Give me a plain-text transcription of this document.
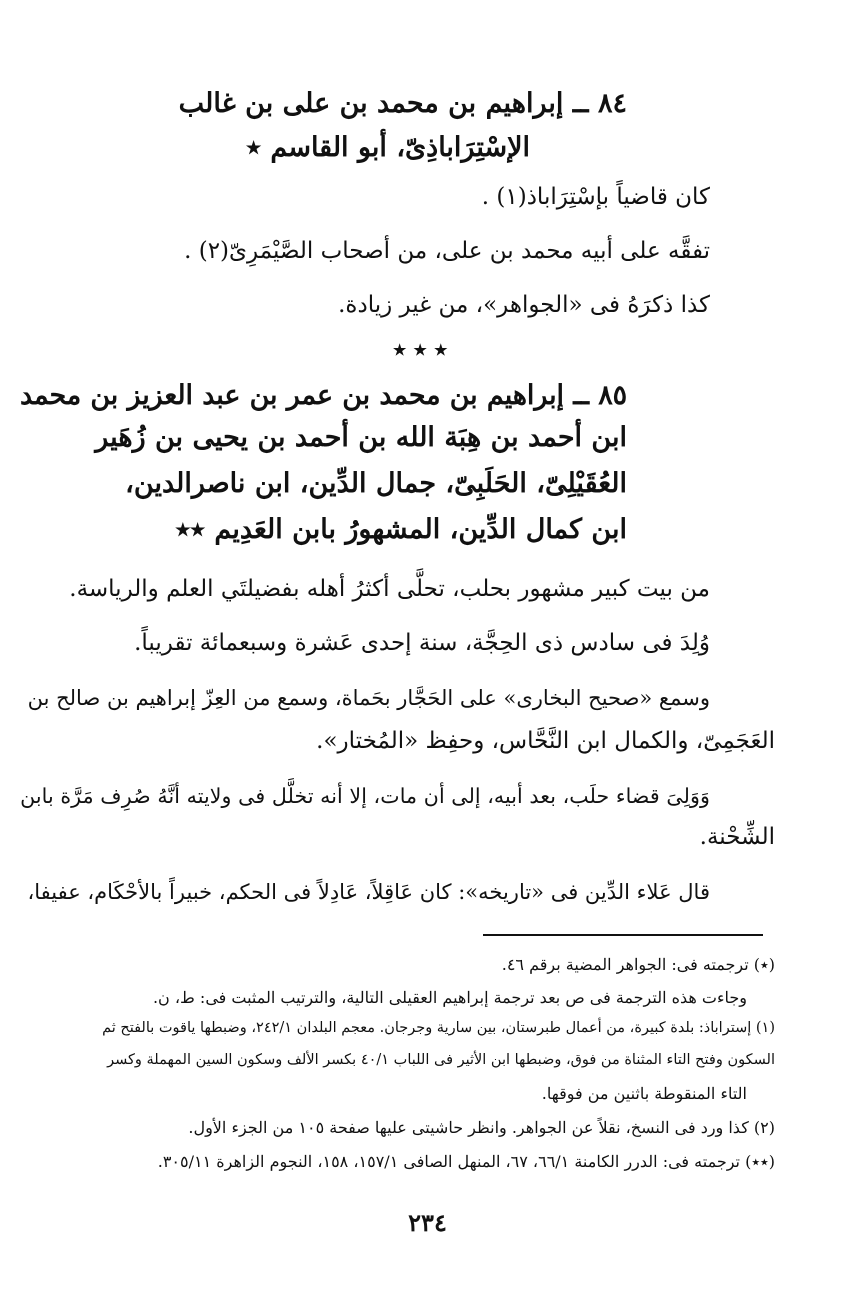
٨٤ ــ إبراهيم بن محمد بن على بن غالب
الإسْتِرَاباذِىّ، أبو القاسم ٭
كان قاضياً بإسْتِرَاباذ(١) .
تفقَّه على أبيه محمد بن على، من أصحاب الصَّيْمَرِىّ(٢) .
كذا ذكرَهُ فى «الجواهر»، من غير زيادة.
٭ ٭ ٭
٨٥ ــ إبراهيم بن محمد بن عمر بن عبد العزيز بن محمد
ابن أحمد بن هِبَة الله بن أحمد بن يحيى بن زُهَير
العُقَيْلِىّ، الحَلَبِىّ، جمال الدِّين، ابن ناصرالدين،
ابن كمال الدِّين، المشهورُ بابن العَدِيم ٭٭
من بيت كبير مشهور بحلب، تحلَّى أكثرُ أهله بفضيلتَي العلم والرياسة.
وُلِدَ فى سادس ذى الحِجَّة، سنة إحدى عَشرة وسبعمائة تقريباً.
وسمع «صحيح البخارى» على الحَجَّار بحَماة، وسمع من العِزّ إبراهيم بن صالح بن
العَجَمِىّ، والكمال ابن النَّحَّاس، وحفِظ «المُختار».
وَوَلِىَ قضاء حلَب، بعد أبيه، إلى أن مات، إلا أنه تخلَّل فى ولايته أنَّهُ صُرِف مَرَّة بابن
الشِّحْنة.
قال عَلاء الدِّين فى «تاريخه»: كان عَاقِلاً، عَادِلاً فى الحكم، خبيراً بالأحْكَام، عفيفا،
(٭) ترجمته فى: الجواهر المضية برقم ٤٦.
وجاءت هذه الترجمة فى ص بعد ترجمة إبراهيم العقيلى التالية، والترتيب المثبت فى: ط، ن.
(١) إستراباذ: بلدة كبيرة، من أعمال طبرستان، بين سارية وجرجان. معجم البلدان ٢٤٢/١، وضبطها ياقوت بالفتح ثم
السكون وفتح التاء المثناة من فوق، وضبطها ابن الأثير فى اللباب ٤٠/١ بكسر الألف وسكون السين المهملة وكسر
التاء المنقوطة باثنين من فوقها.
(٢) كذا ورد فى النسخ، نقلاً عن الجواهر. وانظر حاشيتى عليها صفحة ١٠٥ من الجزء الأول.
(٭٭) ترجمته فى: الدرر الكامنة ٦٦/١، ٦٧، المنهل الصافى ١٥٧/١، ١٥٨، النجوم الزاهرة ٣٠٥/١١.
٢٣٤
